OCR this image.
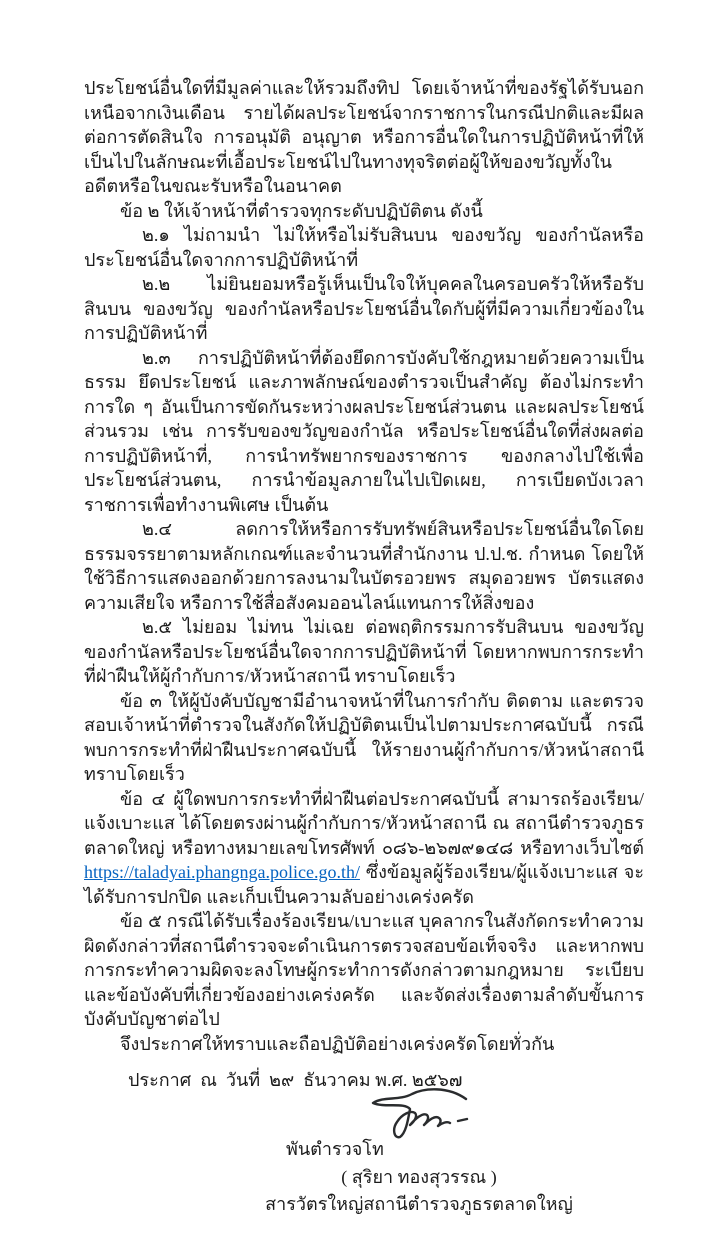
ประโยชน์อื่นใดที่มีมูลค่าและให้รวมถึงทิป โดยเจ้าหน้าที่ของรัฐได้รับนอกเหนือจากเงินเดือน รายได้ผลประโยชน์จากราชการในกรณีปกติและมีผลต่อการตัดสินใจ การอนุมัติ อนุญาต หรือการอื่นใดในการปฏิบัติหน้าที่ให้เป็นไปในลักษณะที่เอื้อประโยชน์ไปในทางทุจริตต่อผู้ให้ของขวัญทั้งในอดีตหรือในขณะรับหรือในอนาคต

ข้อ ๒ ให้เจ้าหน้าที่ตำรวจทุกระดับปฏิบัติตน ดังนี้

๒.๑ ไม่ถามนำ ไม่ให้หรือไม่รับสินบน ของขวัญ ของกำนัลหรือประโยชน์อื่นใดจากการปฏิบัติหน้าที่

๒.๒ ไม่ยินยอมหรือรู้เห็นเป็นใจให้บุคคลในครอบครัวให้หรือรับสินบน ของขวัญ ของกำนัลหรือประโยชน์อื่นใดกับผู้ที่มีความเกี่ยวข้องในการปฏิบัติหน้าที่

๒.๓ การปฏิบัติหน้าที่ต้องยึดการบังคับใช้กฎหมายด้วยความเป็นธรรม ยึดประโยชน์ และภาพลักษณ์ของตำรวจเป็นสำคัญ ต้องไม่กระทำการใด ๆ อันเป็นการขัดกันระหว่างผลประโยชน์ส่วนตน และผลประโยชน์ส่วนรวม เช่น การรับของขวัญของกำนัล หรือประโยชน์อื่นใดที่ส่งผลต่อการปฏิบัติหน้าที่, การนำทรัพยากรของราชการ ของกลางไปใช้เพื่อประโยชน์ส่วนตน, การนำข้อมูลภายในไปเปิดเผย, การเบียดบังเวลาราชการเพื่อทำงานพิเศษ เป็นต้น

๒.๔ ลดการให้หรือการรับทรัพย์สินหรือประโยชน์อื่นใดโดยธรรมจรรยาตามหลักเกณฑ์และจำนวนที่สำนักงาน ป.ป.ช. กำหนด โดยให้ใช้วิธีการแสดงออกด้วยการลงนามในบัตรอวยพร สมุดอวยพร บัตรแสดงความเสียใจ หรือการใช้สื่อสังคมออนไลน์แทนการให้สิ่งของ

๒.๕ ไม่ยอม ไม่ทน ไม่เฉย ต่อพฤติกรรมการรับสินบน ของขวัญ ของกำนัลหรือประโยชน์อื่นใดจากการปฏิบัติหน้าที่ โดยหากพบการกระทำที่ฝ่าฝืนให้ผู้กำกับการ/หัวหน้าสถานี ทราบโดยเร็ว

ข้อ ๓ ให้ผู้บังคับบัญชามีอำนาจหน้าที่ในการกำกับ ติดตาม และตรวจสอบเจ้าหน้าที่ตำรวจในสังกัดให้ปฏิบัติตนเป็นไปตามประกาศฉบับนี้ กรณีพบการกระทำที่ฝ่าฝืนประกาศฉบับนี้ ให้รายงานผู้กำกับการ/หัวหน้าสถานี ทราบโดยเร็ว

ข้อ ๔ ผู้ใดพบการกระทำที่ฝ่าฝืนต่อประกาศฉบับนี้ สามารถร้องเรียน/แจ้งเบาะแส ได้โดยตรงผ่านผู้กำกับการ/หัวหน้าสถานี ณ สถานีตำรวจภูธรตลาดใหญ่ หรือทางหมายเลขโทรศัพท์ ๐๘๖-๒๖๗๙๑๔๘ หรือทางเว็บไซต์ https://taladyai.phangnga.police.go.th/ ซึ่งข้อมูลผู้ร้องเรียน/ผู้แจ้งเบาะแส จะได้รับการปกปิด และเก็บเป็นความลับอย่างเคร่งครัด

ข้อ ๕ กรณีได้รับเรื่องร้องเรียน/เบาะแส บุคลากรในสังกัดกระทำความผิดดังกล่าวที่สถานีตำรวจจะดำเนินการตรวจสอบข้อเท็จจริง และหากพบการกระทำความผิดจะลงโทษผู้กระทำการดังกล่าวตามกฎหมาย ระเบียบ และข้อบังคับที่เกี่ยวข้องอย่างเคร่งครัด และจัดส่งเรื่องตามลำดับขั้นการบังคับบัญชาต่อไป

จึงประกาศให้ทราบและถือปฏิบัติอย่างเคร่งครัดโดยทั่วกัน

ประกาศ  ณ  วันที่  ๒๙  ธันวาคม พ.ศ. ๒๕๖๗

พันตำรวจโท
( สุริยา ทองสุวรรณ )
สารวัตรใหญ่สถานีตำรวจภูธรตลาดใหญ่
